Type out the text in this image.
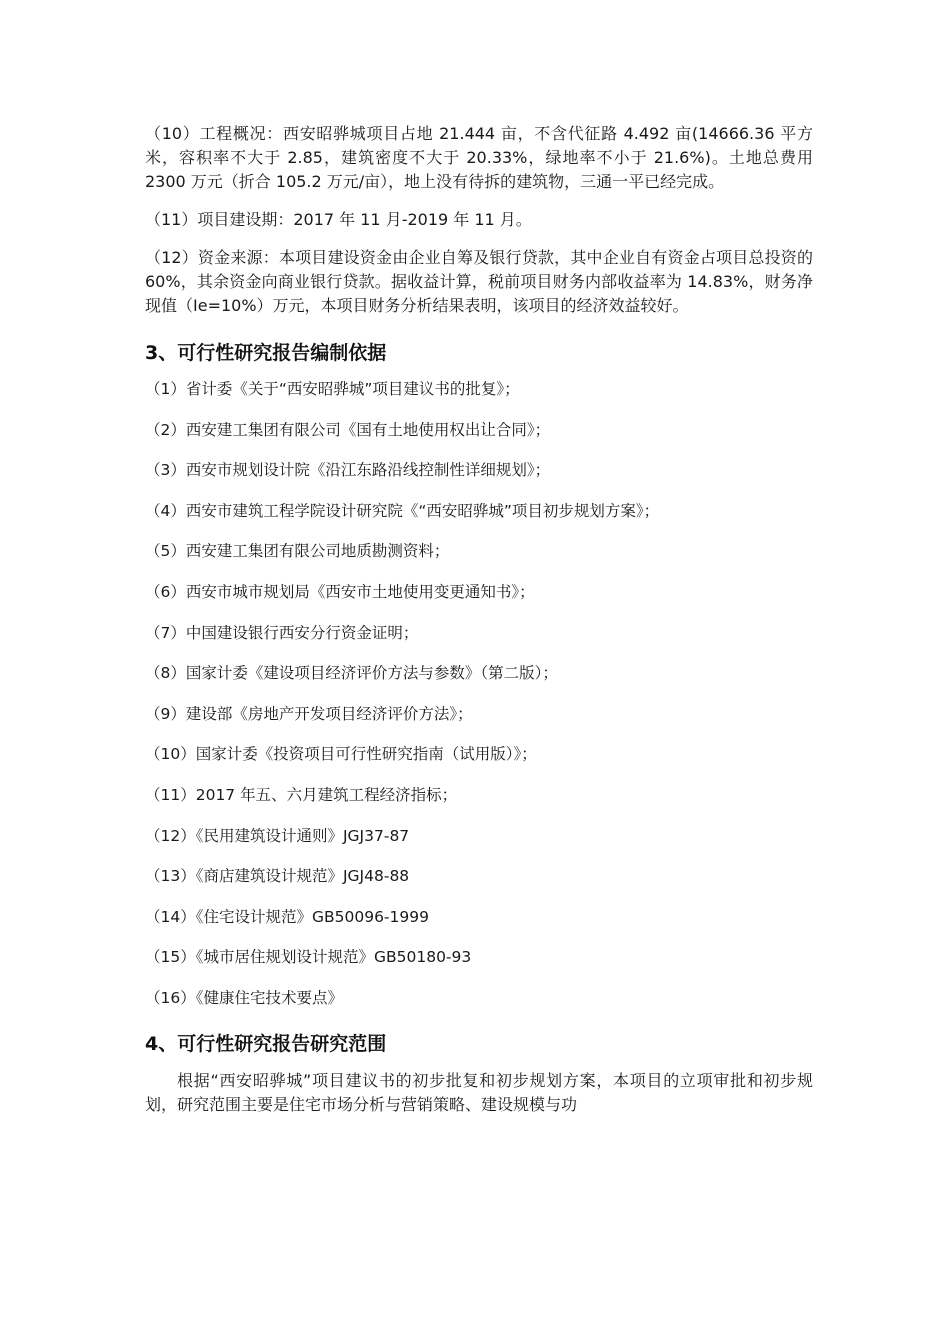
（10）工程概况：西安昭骅城项目占地 21.444 亩，不含代征路 4.492 亩(14666.36 平方米，容积率不大于 2.85，建筑密度不大于 20.33%，绿地率不小于 21.6%)。土地总费用 2300 万元（折合 105.2 万元/亩），地上没有待拆的建筑物，三通一平已经完成。

（11）项目建设期：2017 年 11 月-2019 年 11 月。

（12）资金来源：本项目建设资金由企业自筹及银行贷款，其中企业自有资金占项目总投资的 60%，其余资金向商业银行贷款。据收益计算，税前项目财务内部收益率为 14.83%，财务净现值（Ie=10%）万元，本项目财务分析结果表明，该项目的经济效益较好。

3、可行性研究报告编制依据
（1）省计委《关于“西安昭骅城”项目建议书的批复》；
（2）西安建工集团有限公司《国有土地使用权出让合同》；
（3）西安市规划设计院《沿江东路沿线控制性详细规划》；
（4）西安市建筑工程学院设计研究院《“西安昭骅城”项目初步规划方案》；
（5）西安建工集团有限公司地质勘测资料；
（6）西安市城市规划局《西安市土地使用变更通知书》；
（7）中国建设银行西安分行资金证明；
（8）国家计委《建设项目经济评价方法与参数》（第二版）；
（9）建设部《房地产开发项目经济评价方法》；
（10）国家计委《投资项目可行性研究指南（试用版）》；
（11）2017 年五、六月建筑工程经济指标；
（12）《民用建筑设计通则》JGJ37-87
（13）《商店建筑设计规范》JGJ48-88
（14）《住宅设计规范》GB50096-1999
（15）《城市居住规划设计规范》GB50180-93
（16）《健康住宅技术要点》
4、可行性研究报告研究范围

根据“西安昭骅城”项目建议书的初步批复和初步规划方案，本项目的立项审批和初步规划，研究范围主要是住宅市场分析与营销策略、建设规模与功
